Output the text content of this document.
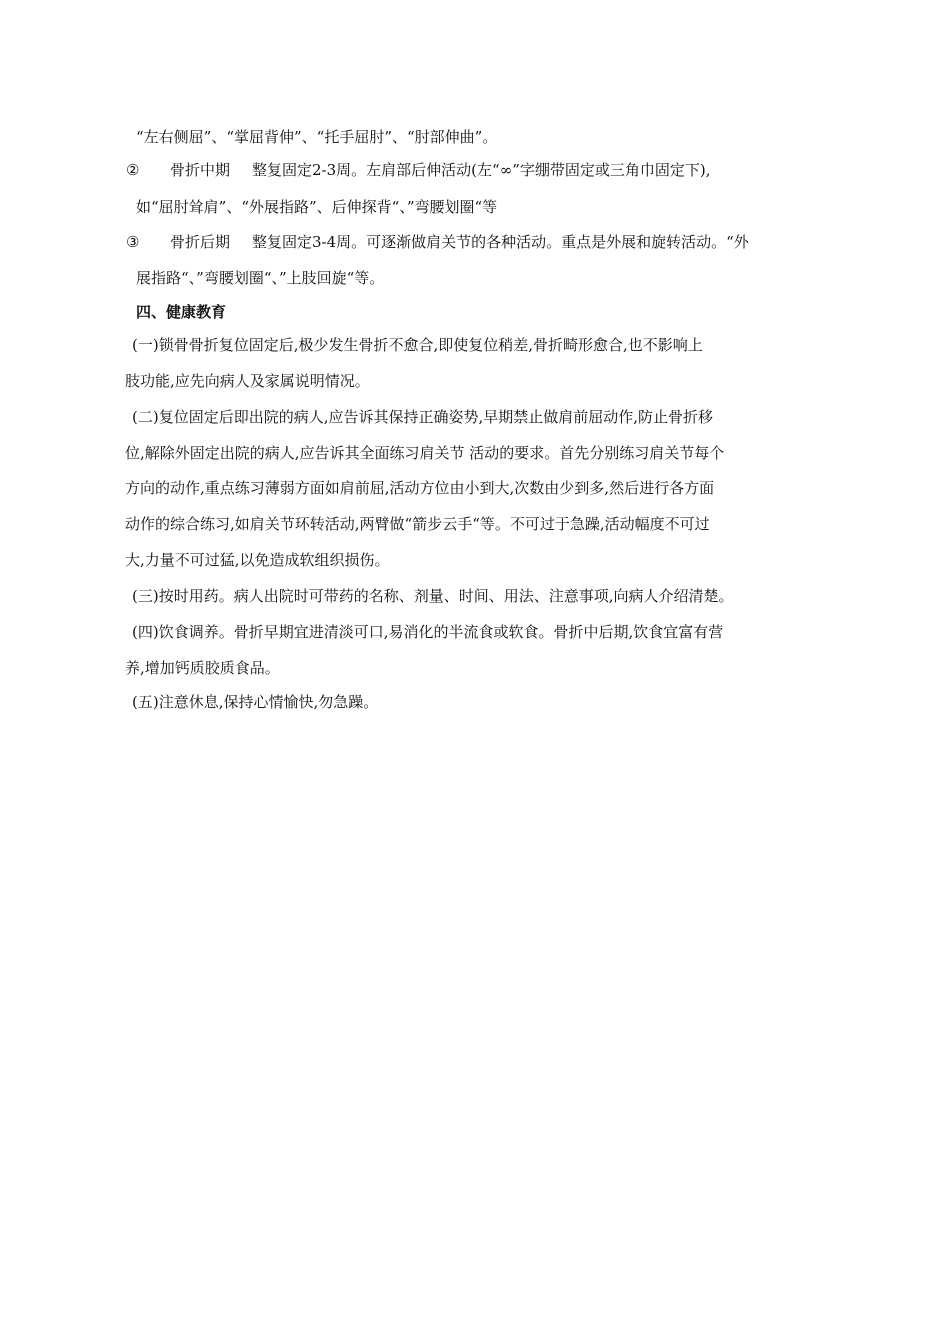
“左右侧屈”、“掌屈背伸”、“托手屈肘”、“肘部伸曲”。
② 骨折中期 整复固定2-3周。左肩部后伸活动(左“∞”字绷带固定或三角巾固定下),
如“屈肘耸肩”、“外展指路”、后伸探背“、”弯腰划圈“等
③ 骨折后期 整复固定3-4周。可逐渐做肩关节的各种活动。重点是外展和旋转活动。“外
展指路“、”弯腰划圈“、”上肢回旋“等。
四、健康教育
(一)锁骨骨折复位固定后,极少发生骨折不愈合,即使复位稍差,骨折畸形愈合,也不影响上
肢功能,应先向病人及家属说明情况。
(二)复位固定后即出院的病人,应告诉其保持正确姿势,早期禁止做肩前屈动作,防止骨折移
位,解除外固定出院的病人,应告诉其全面练习肩关节 活动的要求。首先分别练习肩关节每个
方向的动作,重点练习薄弱方面如肩前屈,活动方位由小到大,次数由少到多,然后进行各方面
动作的综合练习,如肩关节环转活动,两臂做“箭步云手“等。不可过于急躁,活动幅度不可过
大,力量不可过猛,以免造成软组织损伤。
(三)按时用药。病人出院时可带药的名称、剂量、时间、用法、注意事项,向病人介绍清楚。
(四)饮食调养。骨折早期宜进清淡可口,易消化的半流食或软食。骨折中后期,饮食宜富有营
养,增加钙质胶质食品。
(五)注意休息,保持心情愉快,勿急躁。
